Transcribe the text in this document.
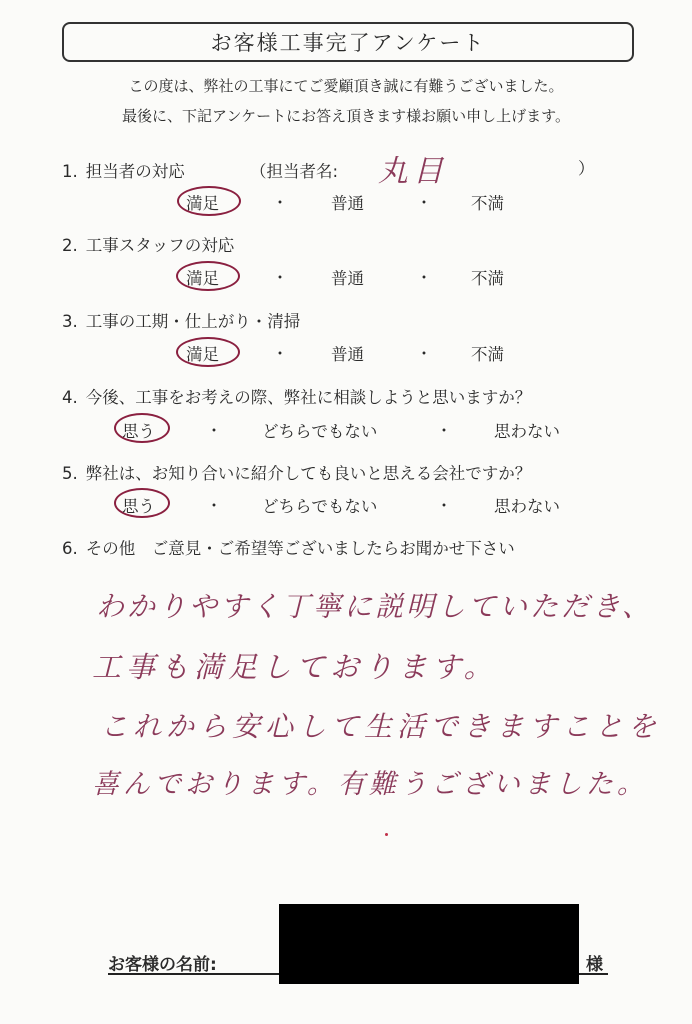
お客様工事完了アンケート
この度は、弊社の工事にてご愛顧頂き誠に有難うございました。
最後に、下記アンケートにお答え頂きます様お願い申し上げます。
1. 担当者の対応	（担当者名: 丸目	）
満足	・	普通	・ 不満
2. 工事スタッフの対応
満足	・	普通	・ 不満
3. 工事の工期・仕上がり・清掃
満足	・	普通	・ 不満
4. 今後、工事をお考えの際、弊社に相談しようと思いますか？
思う	・ どちらでもない	・	思わない
5. 弊社は、お知り合いに紹介しても良いと思える会社ですか？
思う	・ どちらでもない	・	思わない
6. その他　ご意見・ご希望等ございましたらお聞かせ下さい
わかりやすく丁寧に説明していただき、
工事も満足しております。
これから安心して生活できますことを
喜んでおります。有難うございました。
お客様の名前:	様
